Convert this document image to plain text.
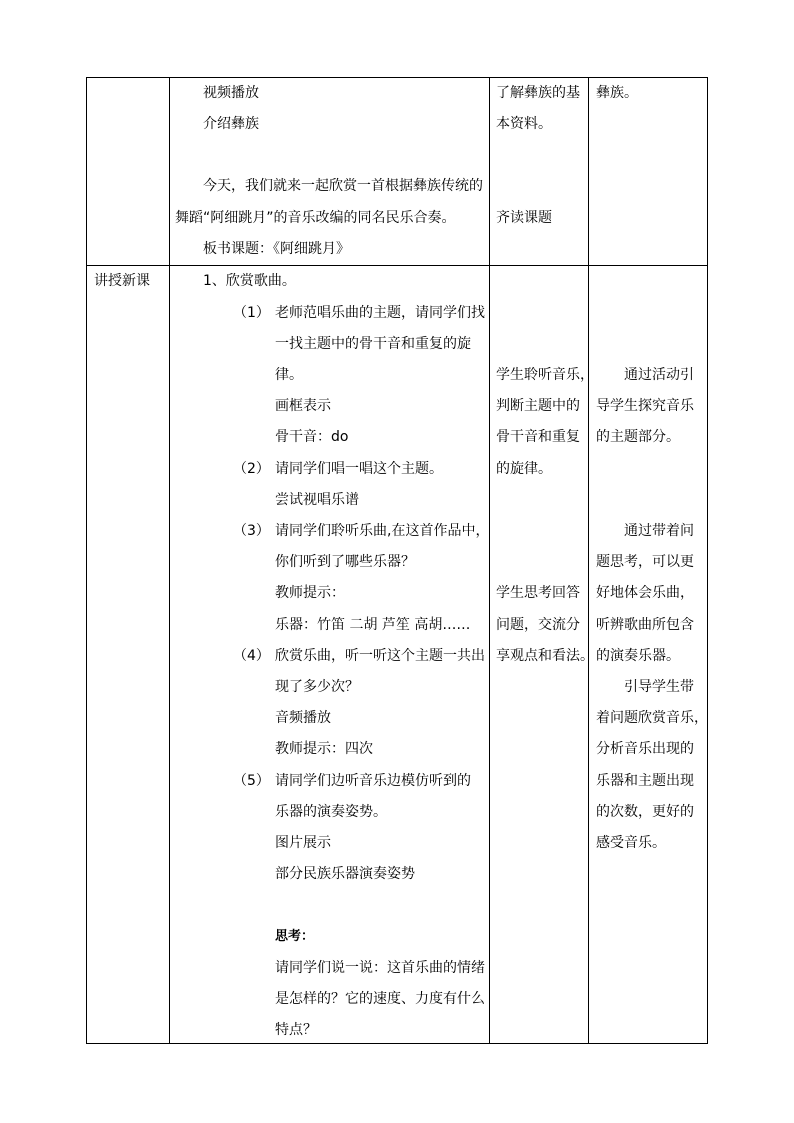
视频播放
介绍彝族
今天，我们就来一起欣赏一首根据彝族传统的
舞蹈“阿细跳月”的音乐改编的同名民乐合奏。
板书课题：《阿细跳月》
了解彝族的基
本资料。
齐读课题
彝族。
讲授新课	1、欣赏歌曲。
（1） 老师范唱乐曲的主题，请同学们找
一找主题中的骨干音和重复的旋
律。
画框表示
骨干音：do
（2） 请同学们唱一唱这个主题。
尝试视唱乐谱
（3） 请同学们聆听乐曲,在这首作品中，
你们听到了哪些乐器？
教师提示：
乐器：竹笛 二胡 芦笙 高胡……
（4） 欣赏乐曲，听一听这个主题一共出
现了多少次？
音频播放
教师提示：四次
（5） 请同学们边听音乐边模仿听到的
乐器的演奏姿势。
图片展示
部分民族乐器演奏姿势
思考：
请同学们说一说：这首乐曲的情绪
是怎样的？它的速度、力度有什么
特点？
学生聆听音乐，
判断主题中的
骨干音和重复
的旋律。
学生思考回答
问题，交流分
享观点和看法。
通过活动引
导学生探究音乐
的主题部分。
通过带着问
题思考，可以更
好地体会乐曲，
听辨歌曲所包含
的演奏乐器。
引导学生带
着问题欣赏音乐，
分析音乐出现的
乐器和主题出现
的次数，更好的
感受音乐。
